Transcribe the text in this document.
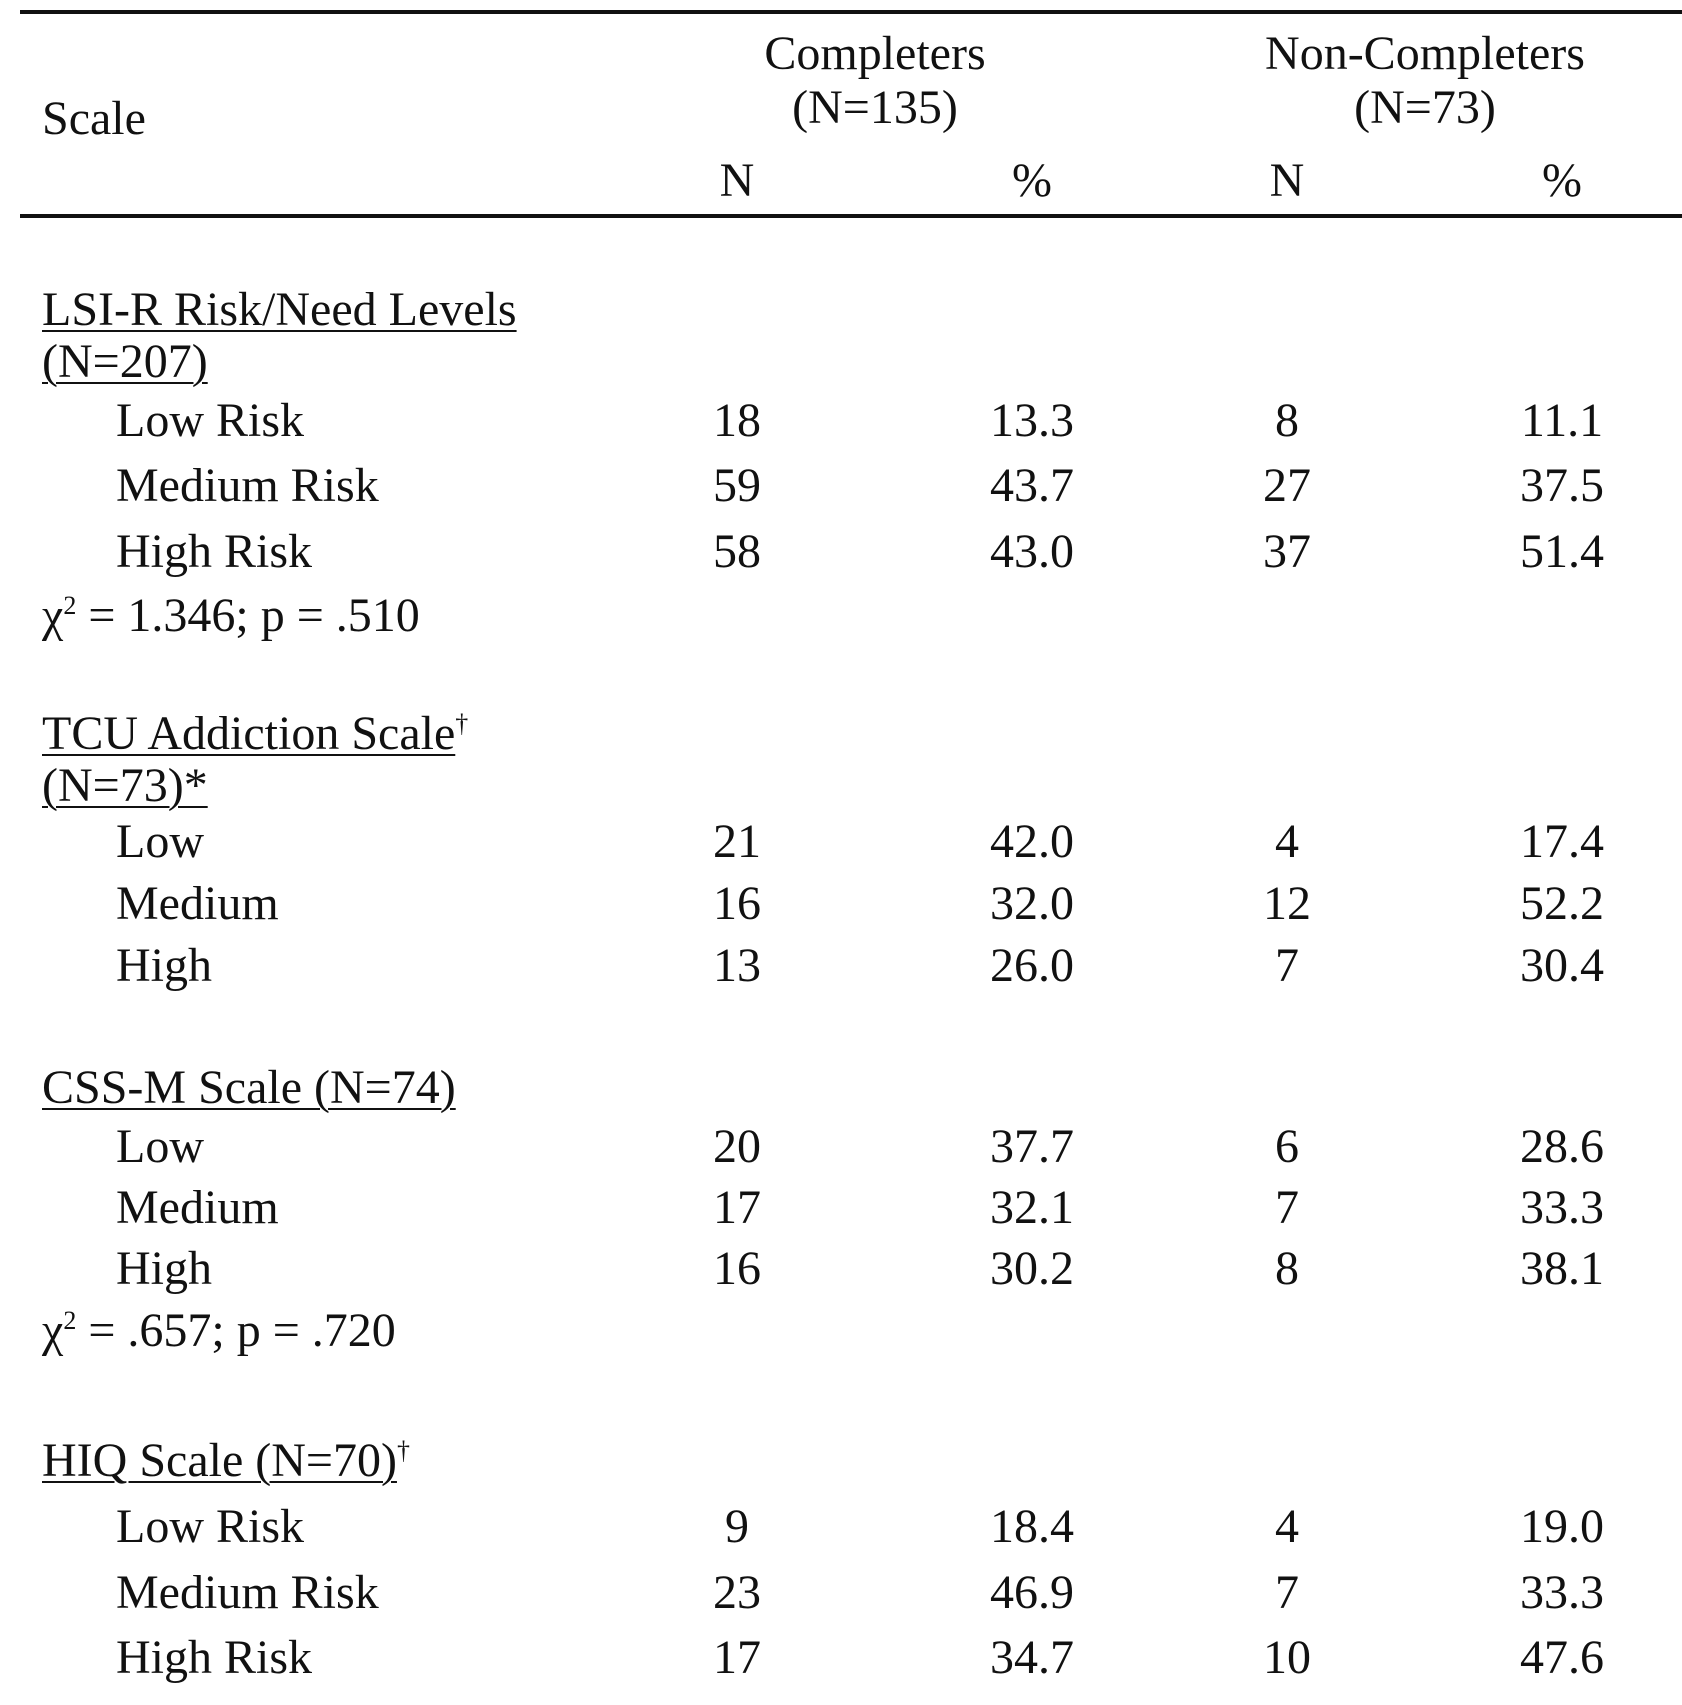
Scale
Completers
(N=135)
Non-Completers
(N=73)
N	%	N	%
LSI-R Risk/Need Levels
(N=207)
Low Risk	18	13.3	8	11.1
Medium Risk	59	43.7	27	37.5
High Risk	58	43.0	37	51.4
$\chi^2 = 1.346$; p = .510
TCU Addiction Scale†
(N=73)*
Low	21	42.0	4	17.4
Medium	16	32.0	12	52.2
High	13	26.0	7	30.4
CSS-M Scale (N=74)
Low	20	37.7	6	28.6
Medium	17	32.1	7	33.3
High	16	30.2	8	38.1
$\chi^2 = .657$; p = .720
HIQ Scale (N=70)†
Low Risk	9	18.4	4	19.0
Medium Risk	23	46.9	7	33.3
High Risk	17	34.7	10	47.6
